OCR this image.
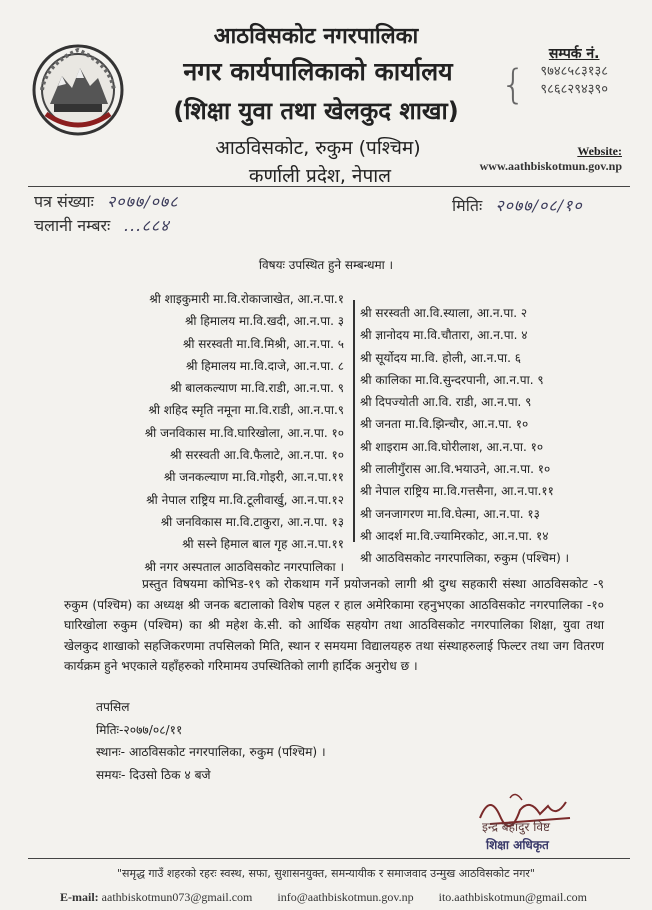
आठविसकोट नगरपालिका
नगर कार्यपालिकाको कार्यालय
(शिक्षा युवा तथा खेलकुद शाखा)
आठविसकोट, रुकुम (पश्चिम)
कर्णाली प्रदेश, नेपाल
{
सम्पर्क नं.
९७४८५८३१३८
९८६८२९४३९०
Website:
www.aathbiskotmun.gov.np
पत्र संख्याः २०७७/०७८
चलानी नम्बरः ...८८४
मितिः २०७७/०८/१०
विषयः उपस्थित हुने सम्बन्धमा ।
श्री शाइकुमारी मा.वि.रोकाजाखेत, आ.न.पा.१
श्री हिमालय मा.वि.खदी, आ.न.पा. ३
श्री सरस्वती मा.वि.मिश्री, आ.न.पा. ५
श्री हिमालय मा.वि.दाजे, आ.न.पा. ८
श्री बालकल्याण मा.वि.राडी, आ.न.पा. ९
श्री शहिद स्मृति नमूना मा.वि.राडी, आ.न.पा.९
श्री जनविकास मा.वि.घारिखोला, आ.न.पा. १०
श्री सरस्वती आ.वि.फैलाटे, आ.न.पा. १०
श्री जनकल्याण मा.वि.गोइरी, आ.न.पा.११
श्री नेपाल राष्ट्रिय मा.वि.टूलीवार्खु, आ.न.पा.१२
श्री जनविकास मा.वि.टाकुरा, आ.न.पा. १३
श्री सस्ने हिमाल बाल गृह आ.न.पा.११
श्री नगर अस्पताल आठविसकोट नगरपालिका ।
श्री सरस्वती आ.वि.स्याला, आ.न.पा. २
श्री ज्ञानोदय मा.वि.चौतारा, आ.न.पा. ४
श्री सूर्योदय मा.वि. होली, आ.न.पा. ६
श्री कालिका मा.वि.सुन्दरपानी, आ.न.पा. ९
श्री दिपज्योती आ.वि. राडी, आ.न.पा. ९
श्री जनता मा.वि.झिन्चौर, आ.न.पा. १०
श्री शाइराम आ.वि.घोरीलाश, आ.न.पा. १०
श्री लालीगुँरास आ.वि.भयाउने, आ.न.पा. १०
श्री नेपाल राष्ट्रिय मा.वि.गत्तसैना, आ.न.पा.११
श्री जनजागरण मा.वि.घेत्मा, आ.न.पा. १३
श्री आदर्श मा.वि.ज्यामिरकोट, आ.न.पा. १४
श्री आठविसकोट नगरपालिका, रुकुम (पश्चिम) ।
प्रस्तुत विषयमा कोभिड-१९ को रोकथाम गर्ने प्रयोजनको लागी श्री दुग्ध सहकारी संस्था आठविसकोट -९ रुकुम (पश्चिम) का अध्यक्ष श्री जनक बटालाको विशेष पहल र हाल अमेरिकामा रहनुभएका आठविसकोट नगरपालिका -१० घारिखोला रुकुम (पश्चिम) का श्री महेश के.सी. को आर्थिक सहयोग तथा आठविसकोट नगरपालिका शिक्षा, युवा तथा खेलकुद शाखाको सहजिकरणमा तपसिलको मिति, स्थान र समयमा विद्यालयहरु तथा संस्थाहरुलाई फिल्टर तथा जग वितरण कार्यक्रम हुने भएकाले यहाँहरुको गरिमामय उपस्थितिको लागी हार्दिक अनुरोध छ ।
तपसिल
मितिः-२०७७/०८/११
स्थानः- आठविसकोट नगरपालिका, रुकुम (पश्चिम) ।
समयः- दिउसो ठिक ४ बजे
इन्द्र बहादुर विष्ट
शिक्षा अधिकृत
"समृद्ध गाउँ शहरको रहरः स्वस्थ, सफा, सुशासनयुक्त, समन्यायीक र समाजवाद उन्मुख आठविसकोट नगर"
E-mail: aathbiskotmun073@gmail.com info@aathbiskotmun.gov.np ito.aathbiskotmun@gmail.com
